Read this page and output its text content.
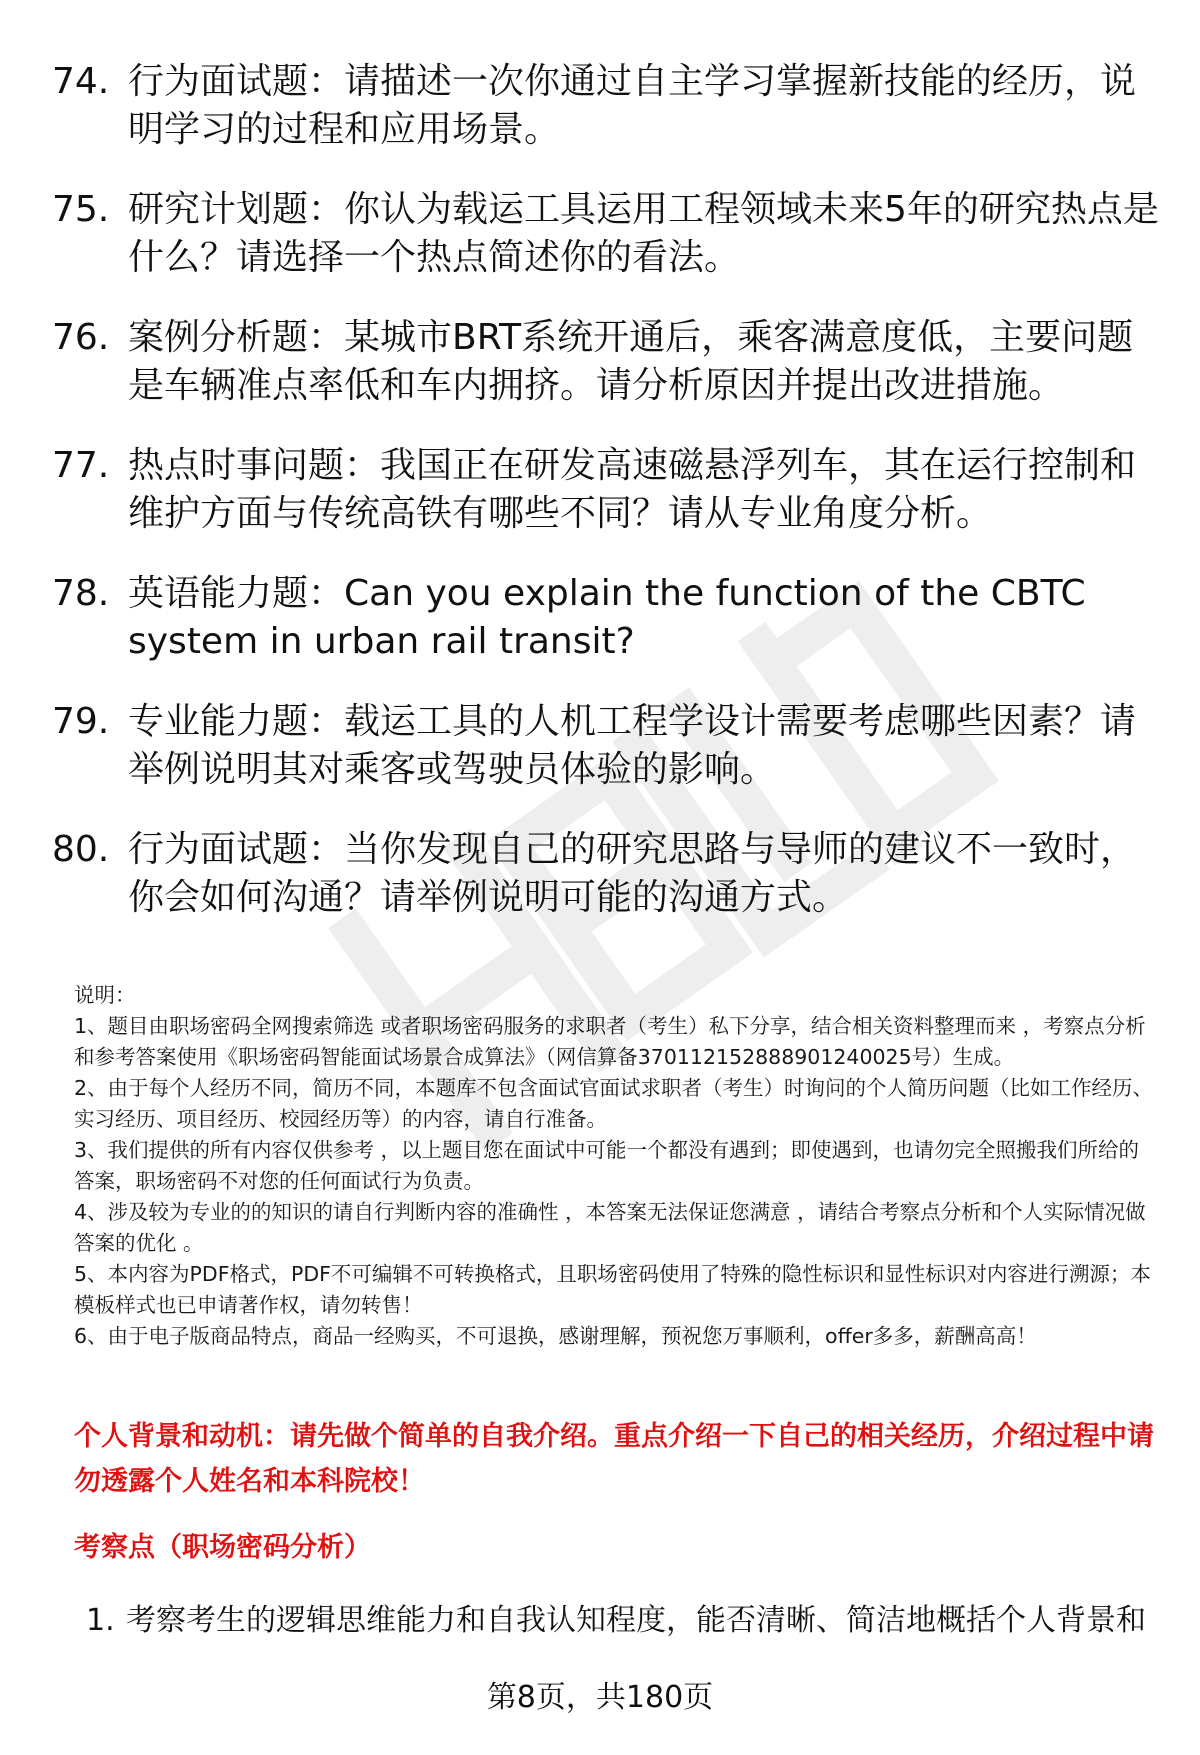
74. 行为面试题：请描述一次你通过自主学习掌握新技能的经历，说明学习的过程和应用场景。
75. 研究计划题：你认为载运工具运用工程领域未来5年的研究热点是什么？请选择一个热点简述你的看法。
76. 案例分析题：某城市BRT系统开通后，乘客满意度低，主要问题是车辆准点率低和车内拥挤。请分析原因并提出改进措施。
77. 热点时事问题：我国正在研发高速磁悬浮列车，其在运行控制和维护方面与传统高铁有哪些不同？请从专业角度分析。
78. 英语能力题：Can you explain the function of the CBTC system in urban rail transit?
79. 专业能力题：载运工具的人机工程学设计需要考虑哪些因素？请举例说明其对乘客或驾驶员体验的影响。
80. 行为面试题：当你发现自己的研究思路与导师的建议不一致时，你会如何沟通？请举例说明可能的沟通方式。

说明：

1、题目由职场密码全网搜索筛选 或者职场密码服务的求职者（考生）私下分享，结合相关资料整理而来 ，考察点分析和参考答案使用《职场密码智能面试场景合成算法》（网信算备370112152888901240025号）生成。

2、由于每个人经历不同，简历不同，本题库不包含面试官面试求职者（考生）时询问的个人简历问题（比如工作经历、实习经历、项目经历、校园经历等）的内容，请自行准备。

3、我们提供的所有内容仅供参考 ，以上题目您在面试中可能一个都没有遇到；即使遇到，也请勿完全照搬我们所给的答案，职场密码不对您的任何面试行为负责。

4、涉及较为专业的的知识的请自行判断内容的准确性 ，本答案无法保证您满意 ，请结合考察点分析和个人实际情况做答案的优化 。

5、本内容为PDF格式，PDF不可编辑不可转换格式，且职场密码使用了特殊的隐性标识和显性标识对内容进行溯源；本模板样式也已申请著作权，请勿转售！

6、由于电子版商品特点，商品一经购买，不可退换，感谢理解，预祝您万事顺利，offer多多，薪酬高高！

个人背景和动机：请先做个简单的自我介绍。重点介绍一下自己的相关经历，介绍过程中请勿透露个人姓名和本科院校！
考察点（职场密码分析）
1. 考察考生的逻辑思维能力和自我认知程度，能否清晰、简洁地概括个人背景和
第8页，共180页
